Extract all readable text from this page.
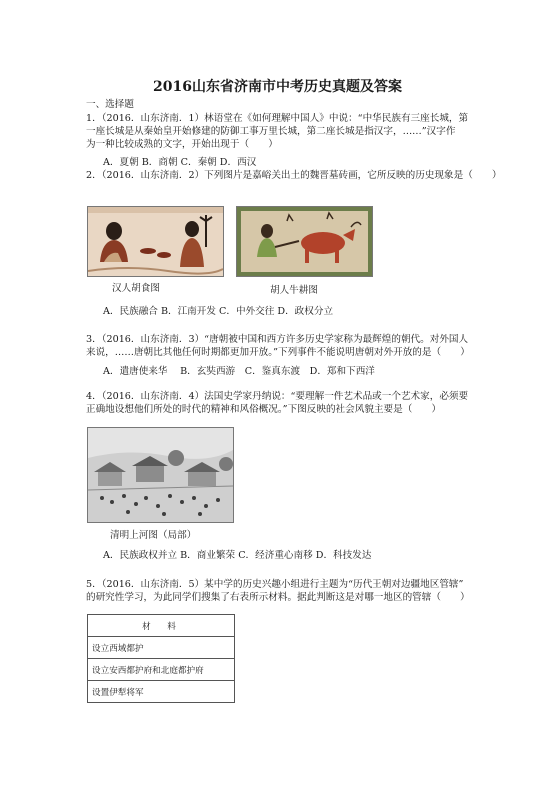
2016山东省济南市中考历史真题及答案
一、选择题
1．（2016．山东济南．1）林语堂在《如何理解中国人》中说：“中华民族有三座长城，第
一座长城是从秦始皇开始修建的防御工事万里长城，第二座长城是指汉字，……”汉字作
为一种比较成熟的文字，开始出现于（　　）
A．夏朝 B．商朝 C．秦朝 D．西汉
2．（2016．山东济南．2）下列图片是嘉峪关出土的魏晋墓砖画，它所反映的历史现象是（　　）
汉人胡食图	胡人牛耕图
A．民族融合 B．江南开发 C．中外交往 D．政权分立
3．（2016．山东济南．3）“唐朝被中国和西方许多历史学家称为最辉煌的朝代。对外国人
来说，……唐朝比其他任何时期都更加开放。”下列事件不能说明唐朝对外开放的是（　　）
A．遣唐使来华　 B．玄奘西游　C．鉴真东渡　D．郑和下西洋
4．（2016．山东济南．4）法国史学家丹纳说：“要理解一件艺术品或一个艺术家，必须要
正确地设想他们所处的时代的精神和风俗概况。”下图反映的社会风貌主要是（　　）
清明上河图（局部）
A．民族政权并立 B．商业繁荣 C．经济重心南移 D．科技发达
5．（2016．山东济南．5）某中学的历史兴趣小组进行主题为“历代王朝对边疆地区管辖”
的研究性学习，为此同学们搜集了右表所示材料。据此判断这是对哪一地区的管辖（　　）
材　料
设立西域都护
设立安西都护府和北庭都护府
设置伊犁将军
